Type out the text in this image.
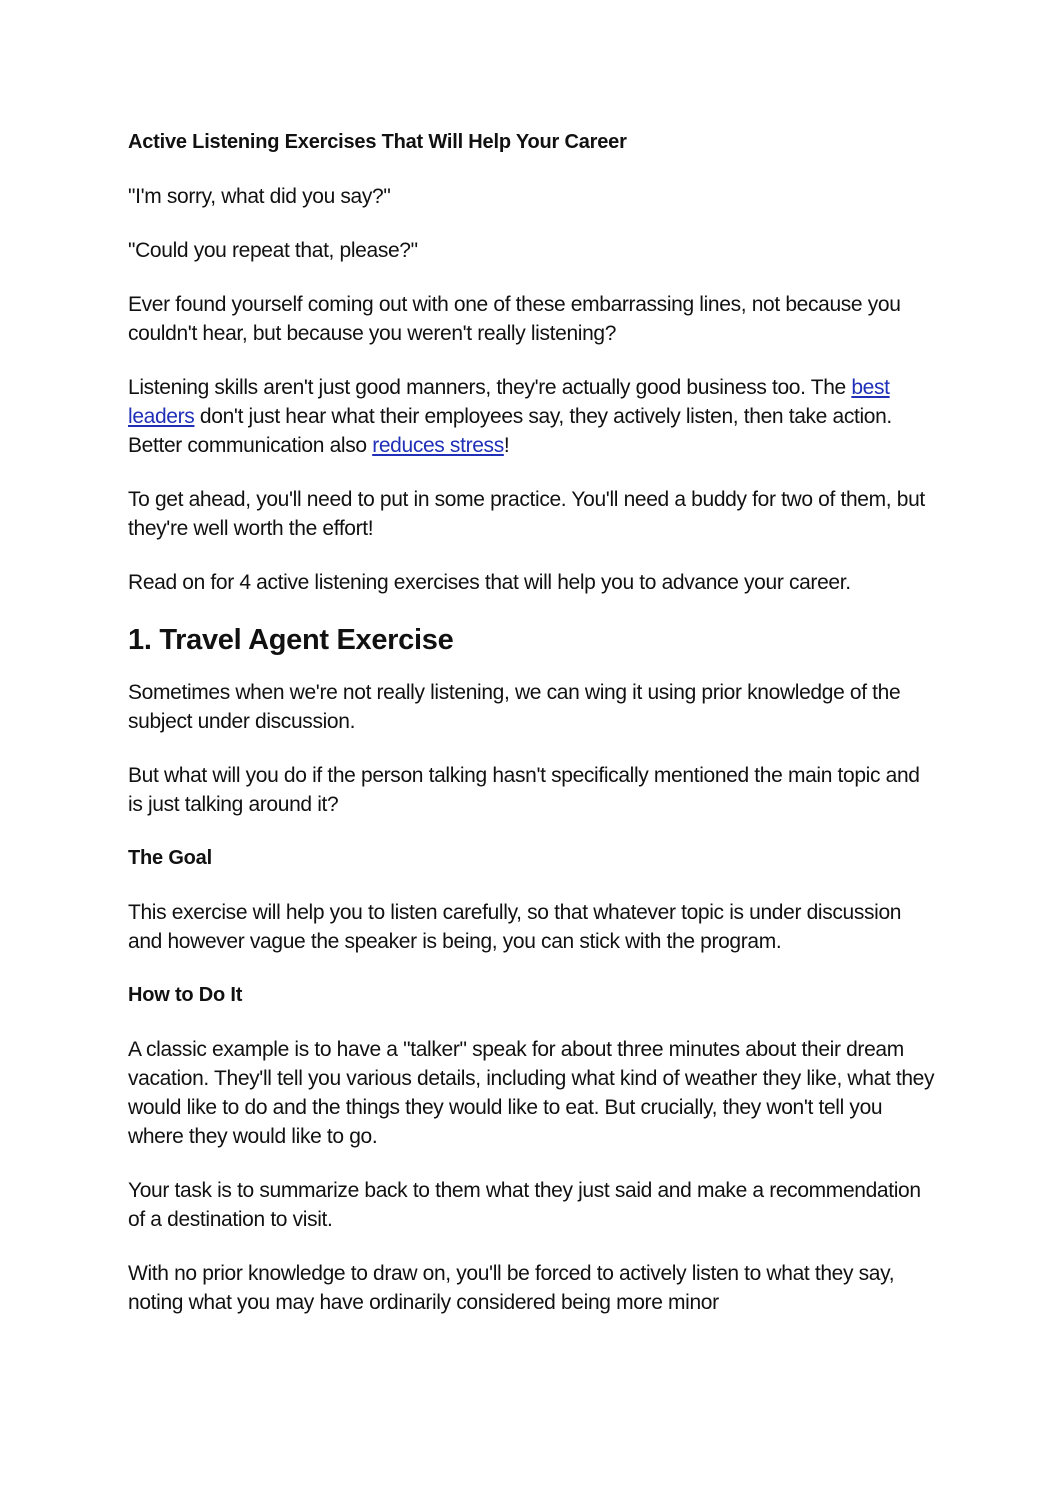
Active Listening Exercises That Will Help Your Career

"I'm sorry, what did you say?"

"Could you repeat that, please?"

Ever found yourself coming out with one of these embarrassing lines, not because you couldn't hear, but because you weren't really listening?

Listening skills aren't just good manners, they're actually good business too. The best leaders don't just hear what their employees say, they actively listen, then take action. Better communication also reduces stress!

To get ahead, you'll need to put in some practice. You'll need a buddy for two of them, but they're well worth the effort!

Read on for 4 active listening exercises that will help you to advance your career.

1. Travel Agent Exercise

Sometimes when we're not really listening, we can wing it using prior knowledge of the subject under discussion.

But what will you do if the person talking hasn't specifically mentioned the main topic and is just talking around it?

The Goal

This exercise will help you to listen carefully, so that whatever topic is under discussion and however vague the speaker is being, you can stick with the program.

How to Do It

A classic example is to have a "talker" speak for about three minutes about their dream vacation. They'll tell you various details, including what kind of weather they like, what they would like to do and the things they would like to eat. But crucially, they won't tell you where they would like to go.

Your task is to summarize back to them what they just said and make a recommendation of a destination to visit.

With no prior knowledge to draw on, you'll be forced to actively listen to what they say, noting what you may have ordinarily considered being more minor
